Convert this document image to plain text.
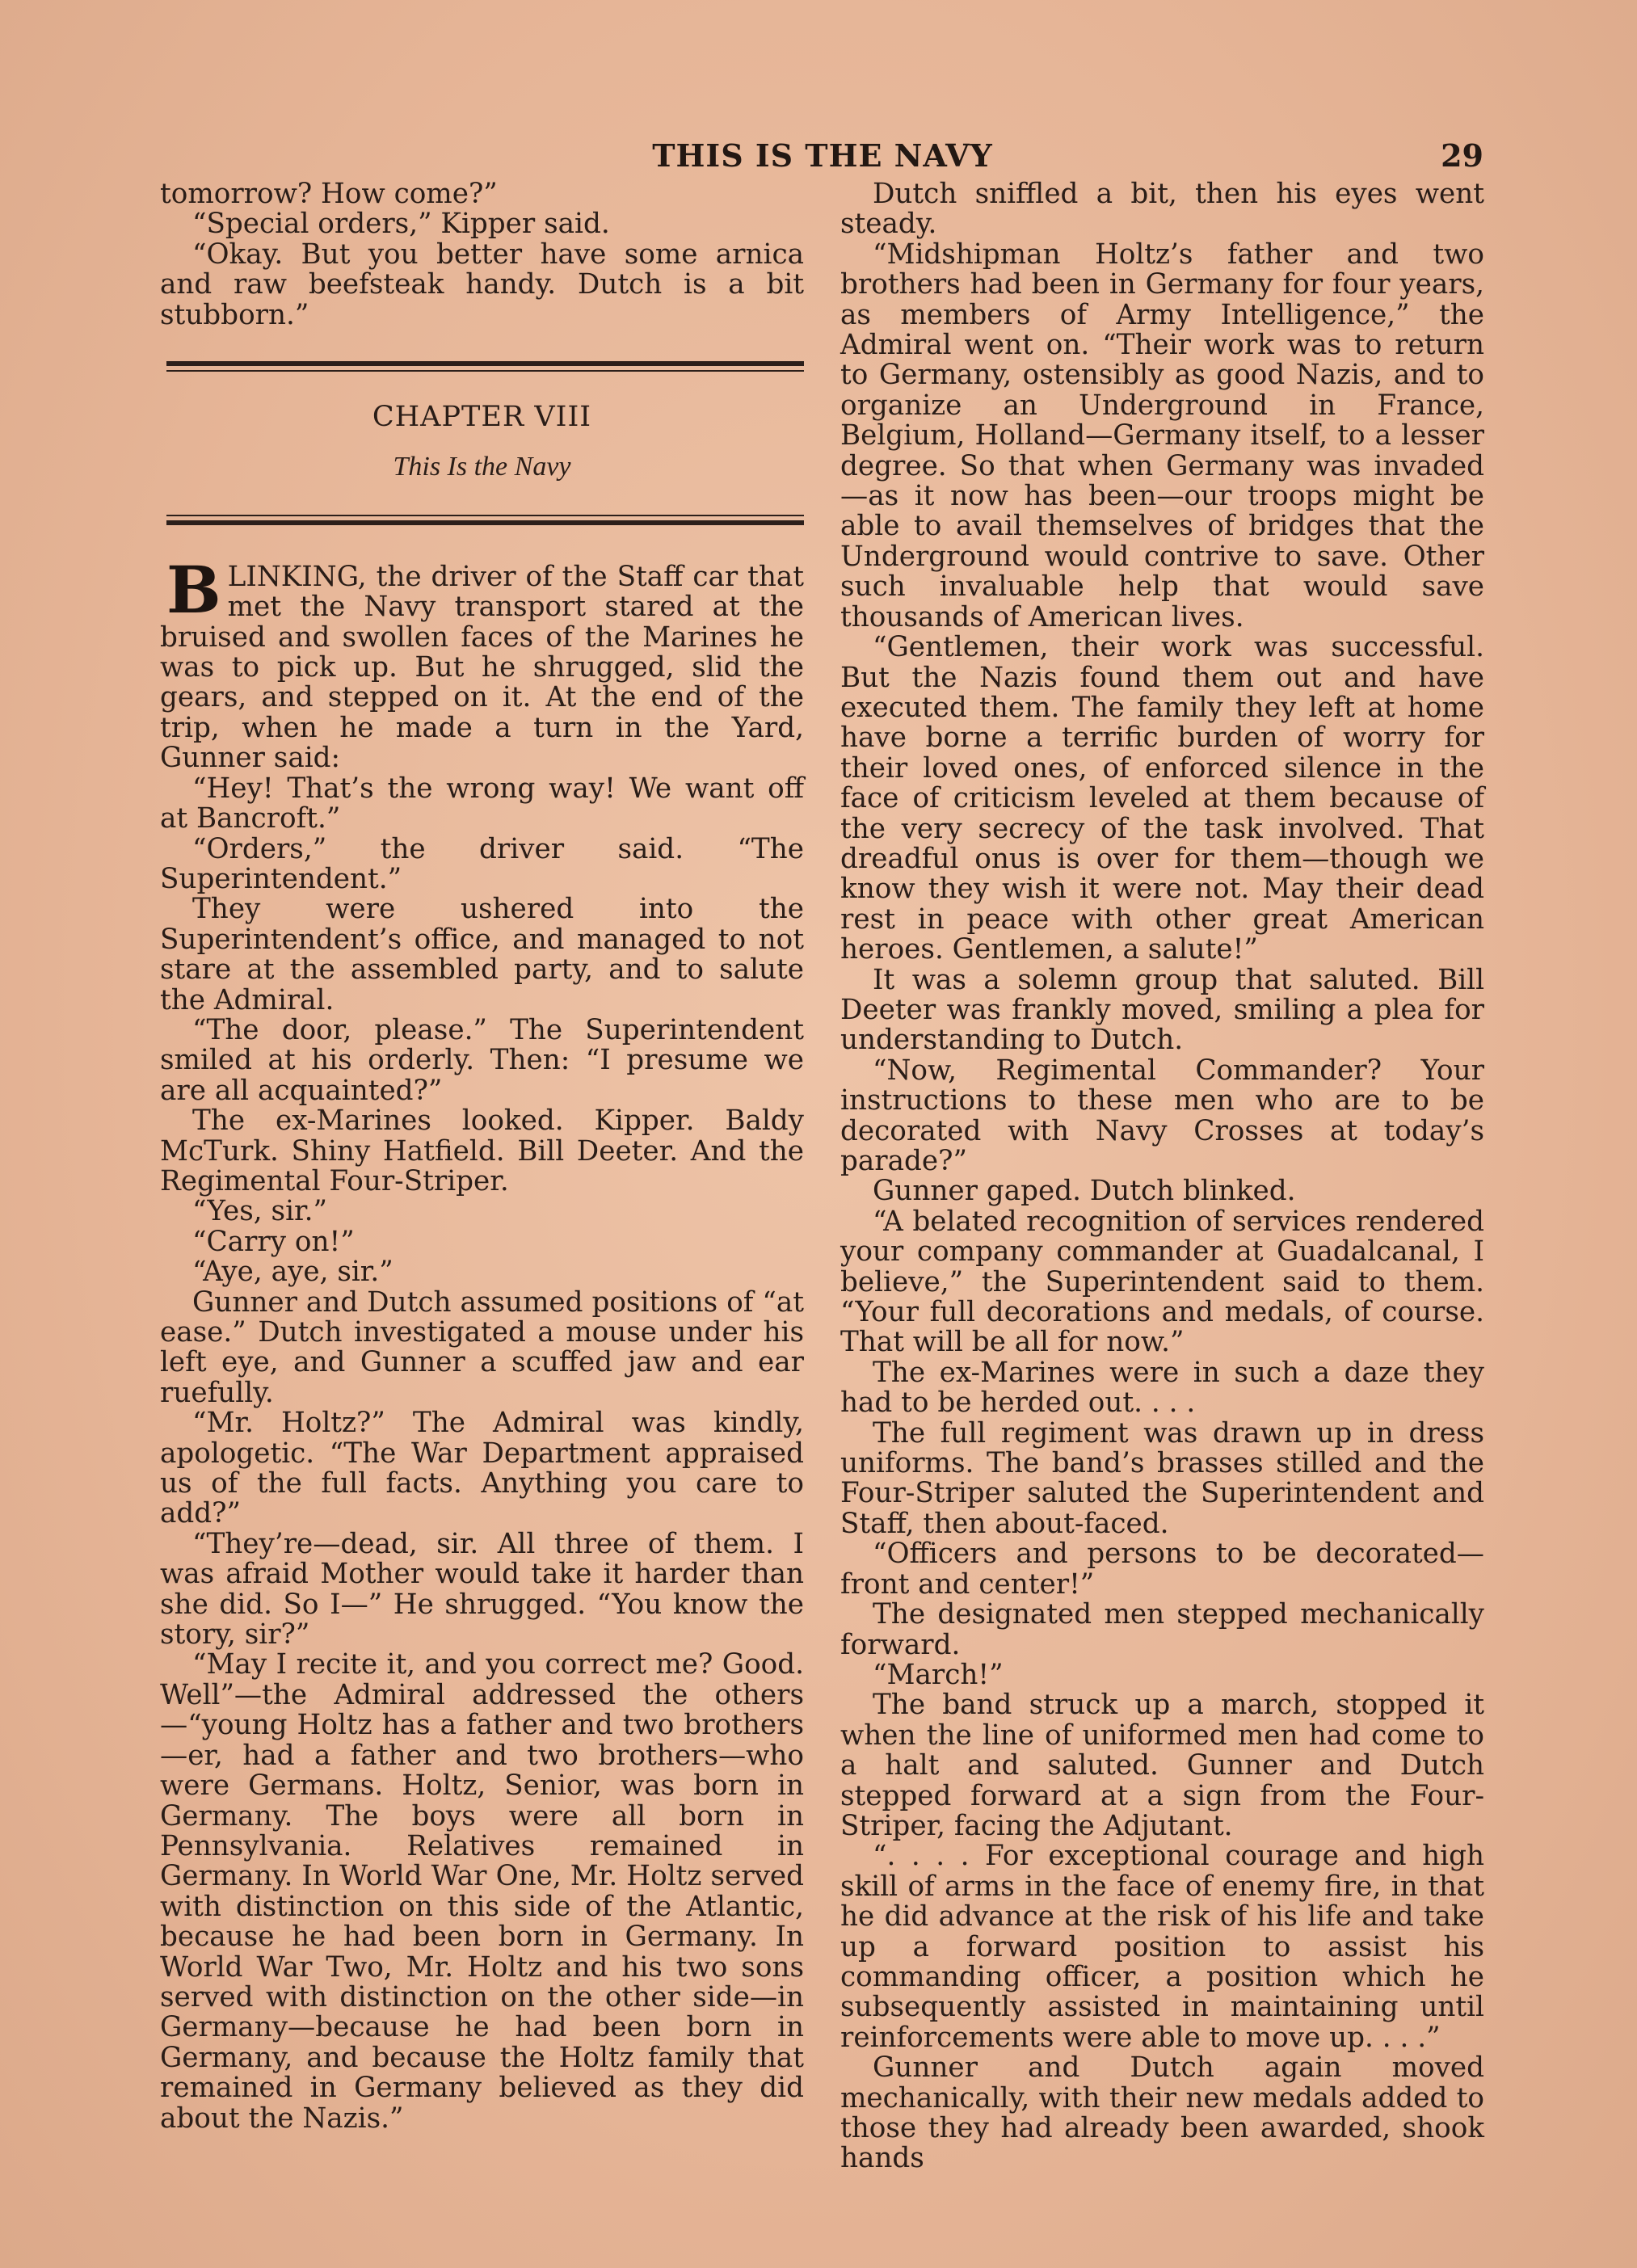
THIS IS THE NAVY	29

tomorrow? How come?”

“Special orders,” Kipper said.

“Okay. But you better have some arnica and raw beefsteak handy. Dutch is a bit stubborn.”

CHAPTER VIII
This Is the Navy
B LINKING, the driver of the Staff car that met the Navy transport stared at the bruised and swollen faces of the Marines he was to pick up. But he shrugged, slid the gears, and stepped on it. At the end of the trip, when he made a turn in the Yard, Gunner said:

“Hey! That’s the wrong way! We want off at Bancroft.”

“Orders,” the driver said. “The Superintendent.”

They were ushered into the Superintendent’s office, and managed to not stare at the assembled party, and to salute the Admiral.

“The door, please.” The Superintendent smiled at his orderly. Then: “I presume we are all acquainted?”

The ex-Marines looked. Kipper. Baldy McTurk. Shiny Hatfield. Bill Deeter. And the Regimental Four-Striper.

“Yes, sir.”

“Carry on!”

“Aye, aye, sir.”

Gunner and Dutch assumed positions of “at ease.” Dutch investigated a mouse under his left eye, and Gunner a scuffed jaw and ear ruefully.

“Mr. Holtz?” The Admiral was kindly, apologetic. “The War Department appraised us of the full facts. Anything you care to add?”

“They’re—dead, sir. All three of them. I was afraid Mother would take it harder than she did. So I—” He shrugged. “You know the story, sir?”

“May I recite it, and you correct me? Good. Well”—the Admiral addressed the others—“young Holtz has a father and two brothers—er, had a father and two brothers—who were Germans. Holtz, Senior, was born in Germany. The boys were all born in Pennsylvania. Relatives remained in Germany. In World War One, Mr. Holtz served with distinction on this side of the Atlantic, because he had been born in Germany. In World War Two, Mr. Holtz and his two sons served with distinction on the other side—in Germany—because he had been born in Germany, and because the Holtz family that remained in Germany believed as they did about the Nazis.”

Dutch sniffled a bit, then his eyes went steady.

“Midshipman Holtz’s father and two brothers had been in Germany for four years, as members of Army Intelligence,” the Admiral went on. “Their work was to return to Germany, ostensibly as good Nazis, and to organize an Underground in France, Belgium, Holland—Germany itself, to a lesser degree. So that when Germany was invaded—as it now has been—our troops might be able to avail themselves of bridges that the Underground would contrive to save. Other such invaluable help that would save thousands of American lives.

“Gentlemen, their work was successful. But the Nazis found them out and have executed them. The family they left at home have borne a terrific burden of worry for their loved ones, of enforced silence in the face of criticism leveled at them because of the very secrecy of the task involved. That dreadful onus is over for them—though we know they wish it were not. May their dead rest in peace with other great American heroes. Gentlemen, a salute!”

It was a solemn group that saluted. Bill Deeter was frankly moved, smiling a plea for understanding to Dutch.

“Now, Regimental Commander? Your instructions to these men who are to be decorated with Navy Crosses at today’s parade?”

Gunner gaped. Dutch blinked.

“A belated recognition of services rendered your company commander at Guadalcanal, I believe,” the Superintendent said to them. “Your full decorations and medals, of course. That will be all for now.”

The ex-Marines were in such a daze they had to be herded out. . . .

The full regiment was drawn up in dress uniforms. The band’s brasses stilled and the Four-Striper saluted the Superintendent and Staff, then about-faced.

“Officers and persons to be decorated—front and center!”

The designated men stepped mechanically forward.

“March!”

The band struck up a march, stopped it when the line of uniformed men had come to a halt and saluted. Gunner and Dutch stepped forward at a sign from the Four-Striper, facing the Adjutant.

“. . . . For exceptional courage and high skill of arms in the face of enemy fire, in that he did advance at the risk of his life and take up a forward position to assist his commanding officer, a position which he subsequently assisted in maintaining until reinforcements were able to move up. . . .”

Gunner and Dutch again moved mechanically, with their new medals added to those they had already been awarded, shook hands
